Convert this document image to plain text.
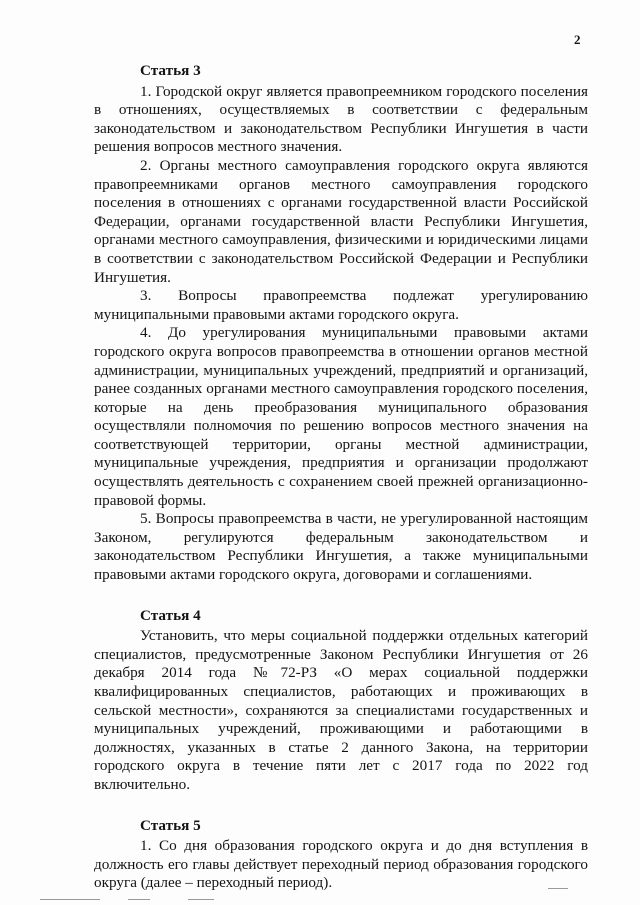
2
Статья 3

1. Городской округ является правопреемником городского поселения в отношениях, осуществляемых в соответствии с федеральным законодательством и законодательством Республики Ингушетия в части решения вопросов местного значения.

2. Органы местного самоуправления городского округа являются правопреемниками органов местного самоуправления городского поселения в отношениях с органами государственной власти Российской Федерации, органами государственной власти Республики Ингушетия, органами местного самоуправления, физическими и юридическими лицами в соответствии с законодательством Российской Федерации и Республики Ингушетия.

3. Вопросы правопреемства подлежат урегулированию муниципальными правовыми актами городского округа.

4. До урегулирования муниципальными правовыми актами городского округа вопросов правопреемства в отношении органов местной администрации, муниципальных учреждений, предприятий и организаций, ранее созданных органами местного самоуправления городского поселения, которые на день преобразования муниципального образования осуществляли полномочия по решению вопросов местного значения на соответствующей территории, органы местной администрации, муниципальные учреждения, предприятия и организации продолжают осуществлять деятельность с сохранением своей прежней организационно-правовой формы.

5. Вопросы правопреемства в части, не урегулированной настоящим Законом, регулируются федеральным законодательством и законодательством Республики Ингушетия, а также муниципальными правовыми актами городского округа, договорами и соглашениями.

Статья 4

Установить, что меры социальной поддержки отдельных категорий специалистов, предусмотренные Законом Республики Ингушетия от 26 декабря 2014 года №72-РЗ «О мерах социальной поддержки квалифицированных специалистов, работающих и проживающих в сельской местности», сохраняются за специалистами государственных и муниципальных учреждений, проживающими и работающими в должностях, указанных в статье 2 данного Закона, на территории городского округа в течение пяти лет с 2017 года по 2022 год включительно.

Статья 5

1. Со дня образования городского округа и до дня вступления в должность его главы действует переходный период образования городского округа (далее – переходный период).
